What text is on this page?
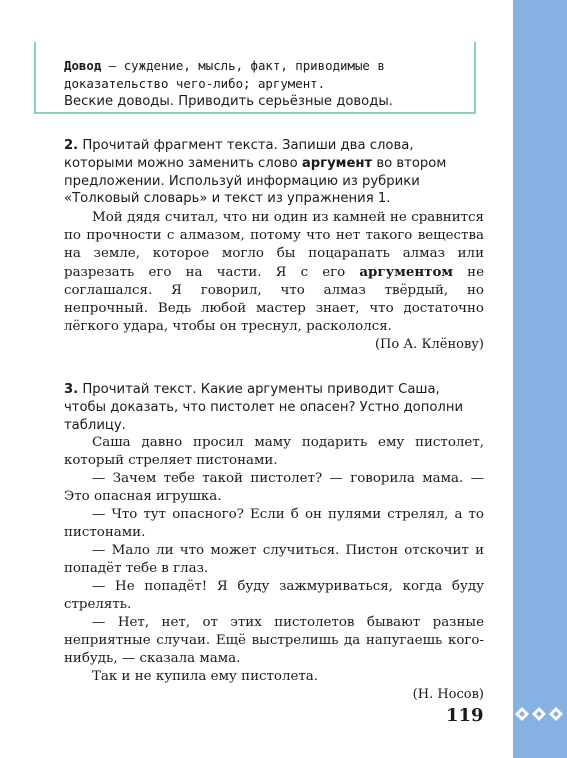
Довод — суждение, мысль, факт, приводимые в доказательство чего-либо; аргумент.
Веские доводы. Приводить серьёзные доводы.
2. Прочитай фрагмент текста. Запиши два слова, которыми можно заменить слово аргумент во втором предложении. Используй информацию из рубрики «Толковый словарь» и текст из упражнения 1.

Мой дядя считал, что ни один из камней не сравнится по прочности с алмазом, потому что нет такого вещества на земле, которое могло бы поцарапать алмаз или разрезать его на части. Я с его аргументом не соглашался. Я говорил, что алмаз твёрдый, но непрочный. Ведь любой мастер знает, что достаточно лёгкого удара, чтобы он треснул, раскололся.

(По А. Клёнову)

3. Прочитай текст. Какие аргументы приводит Саша, чтобы доказать, что пистолет не опасен? Устно дополни таблицу.

Саша давно просил маму подарить ему пистолет, который стреляет пистонами.

— Зачем тебе такой пистолет? — говорила мама. — Это опасная игрушка.

— Что тут опасного? Если б он пулями стрелял, а то пистонами.

— Мало ли что может случиться. Пистон отскочит и попадёт тебе в глаз.

— Не попадёт! Я буду зажмуриваться, когда буду стрелять.

— Нет, нет, от этих пистолетов бывают разные неприятные случаи. Ещё выстрелишь да напугаешь кого-нибудь, — сказала мама.

Так и не купила ему пистолета.

(Н. Носов)

119
